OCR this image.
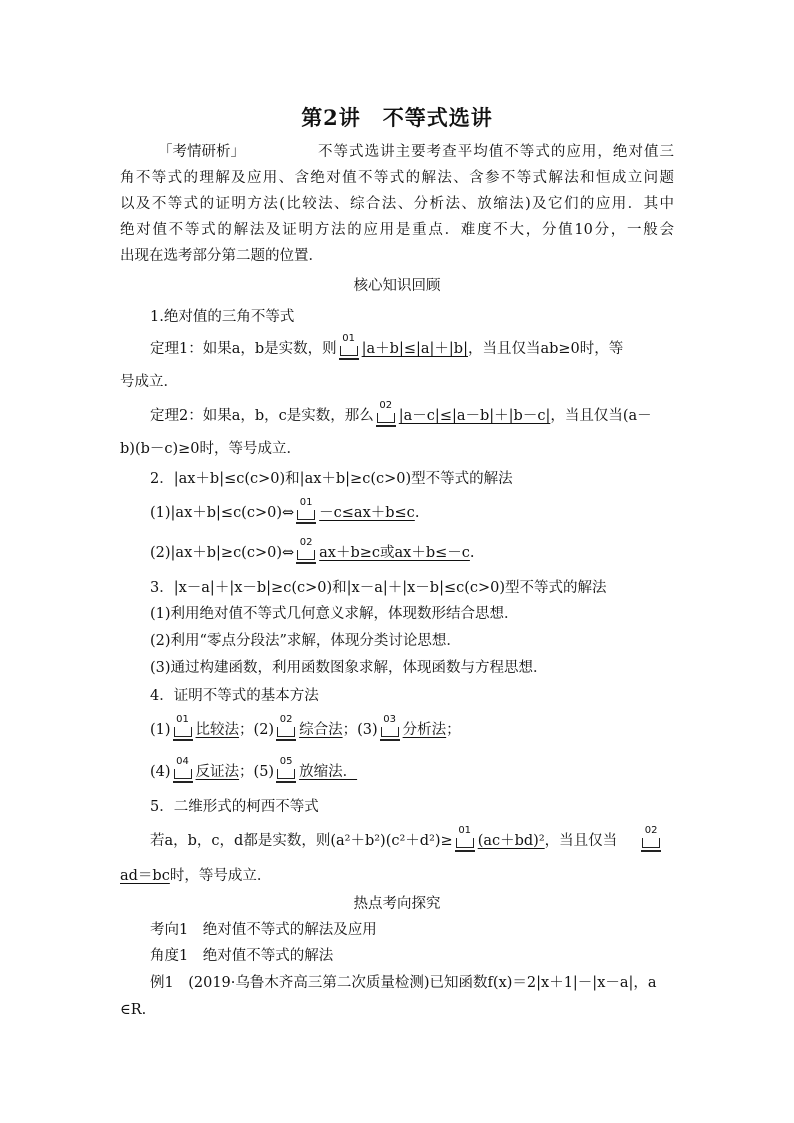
第2讲　不等式选讲
「考情研析」	不等式选讲主要考查平均值不等式的应用，绝对值三
角不等式的理解及应用、含绝对值不等式的解法、含参不等式解法和恒成立问题
以及不等式的证明方法(比较法、综合法、分析法、放缩法)及它们的应用．其中
绝对值不等式的解法及证明方法的应用是重点．难度不大，分值10分，一般会
出现在选考部分第二题的位置．
核心知识回顾
1.绝对值的三角不等式
定理1：如果a，b是实数，则
01
|a＋b|≤|a|＋|b|，当且仅当ab≥0时，等
号成立．
定理2：如果a，b，c是实数，那么
02
|a－c|≤|a－b|＋|b－c|，当且仅当(a－
b)(b－c)≥0时，等号成立．
2．|ax＋b|≤c(c>0)和|ax＋b|≥c(c>0)型不等式的解法
(1)|ax＋b|≤c(c>0)⇔
01
－c≤ax＋b≤c.
(2)|ax＋b|≥c(c>0)⇔
02
ax＋b≥c或ax＋b≤－c.
3．|x－a|＋|x－b|≥c(c>0)和|x－a|＋|x－b|≤c(c>0)型不等式的解法
(1)利用绝对值不等式几何意义求解，体现数形结合思想．
(2)利用“零点分段法”求解，体现分类讨论思想．
(3)通过构建函数，利用函数图象求解，体现函数与方程思想．
4．证明不等式的基本方法
(1)
01
比较法；(2)
02
综合法；(3)
03
分析法；
(4)
04
反证法；(5)
05
放缩法．
5．二维形式的柯西不等式
若a，b，c，d都是实数，则(a²＋b²)(c²＋d²)≥
01
(ac＋bd)²，当且仅当
02
ad＝bc时，等号成立．
热点考向探究
考向1　绝对值不等式的解法及应用
角度1　绝对值不等式的解法
例1　(2019·乌鲁木齐高三第二次质量检测)已知函数f(x)＝2|x＋1|－|x－a|，a
∈R.
